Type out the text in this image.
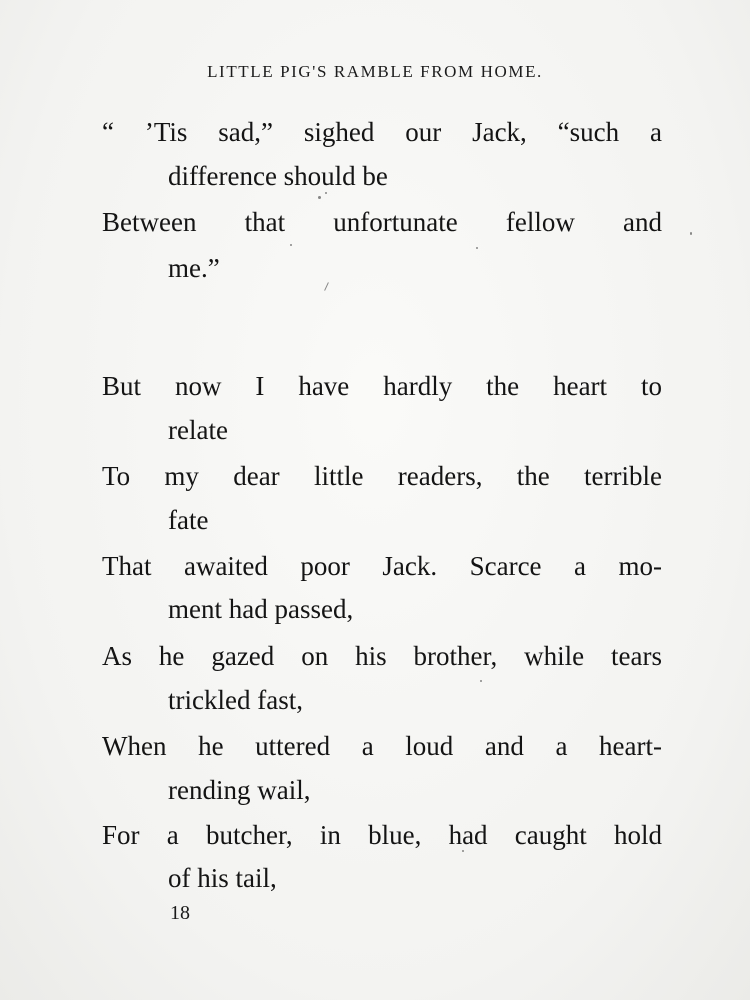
LITTLE PIG'S RAMBLE FROM HOME.
“ ’Tis sad,” sighed our Jack, “such a
difference should be
Between that unfortunate fellow and
me.”
But now I have hardly the heart to
relate
To my dear little readers, the terrible
fate
That awaited poor Jack. Scarce a mo-
ment had passed,
As he gazed on his brother, while tears
trickled fast,
When he uttered a loud and a heart-
rending wail,
For a butcher, in blue, had caught hold
of his tail,
18
